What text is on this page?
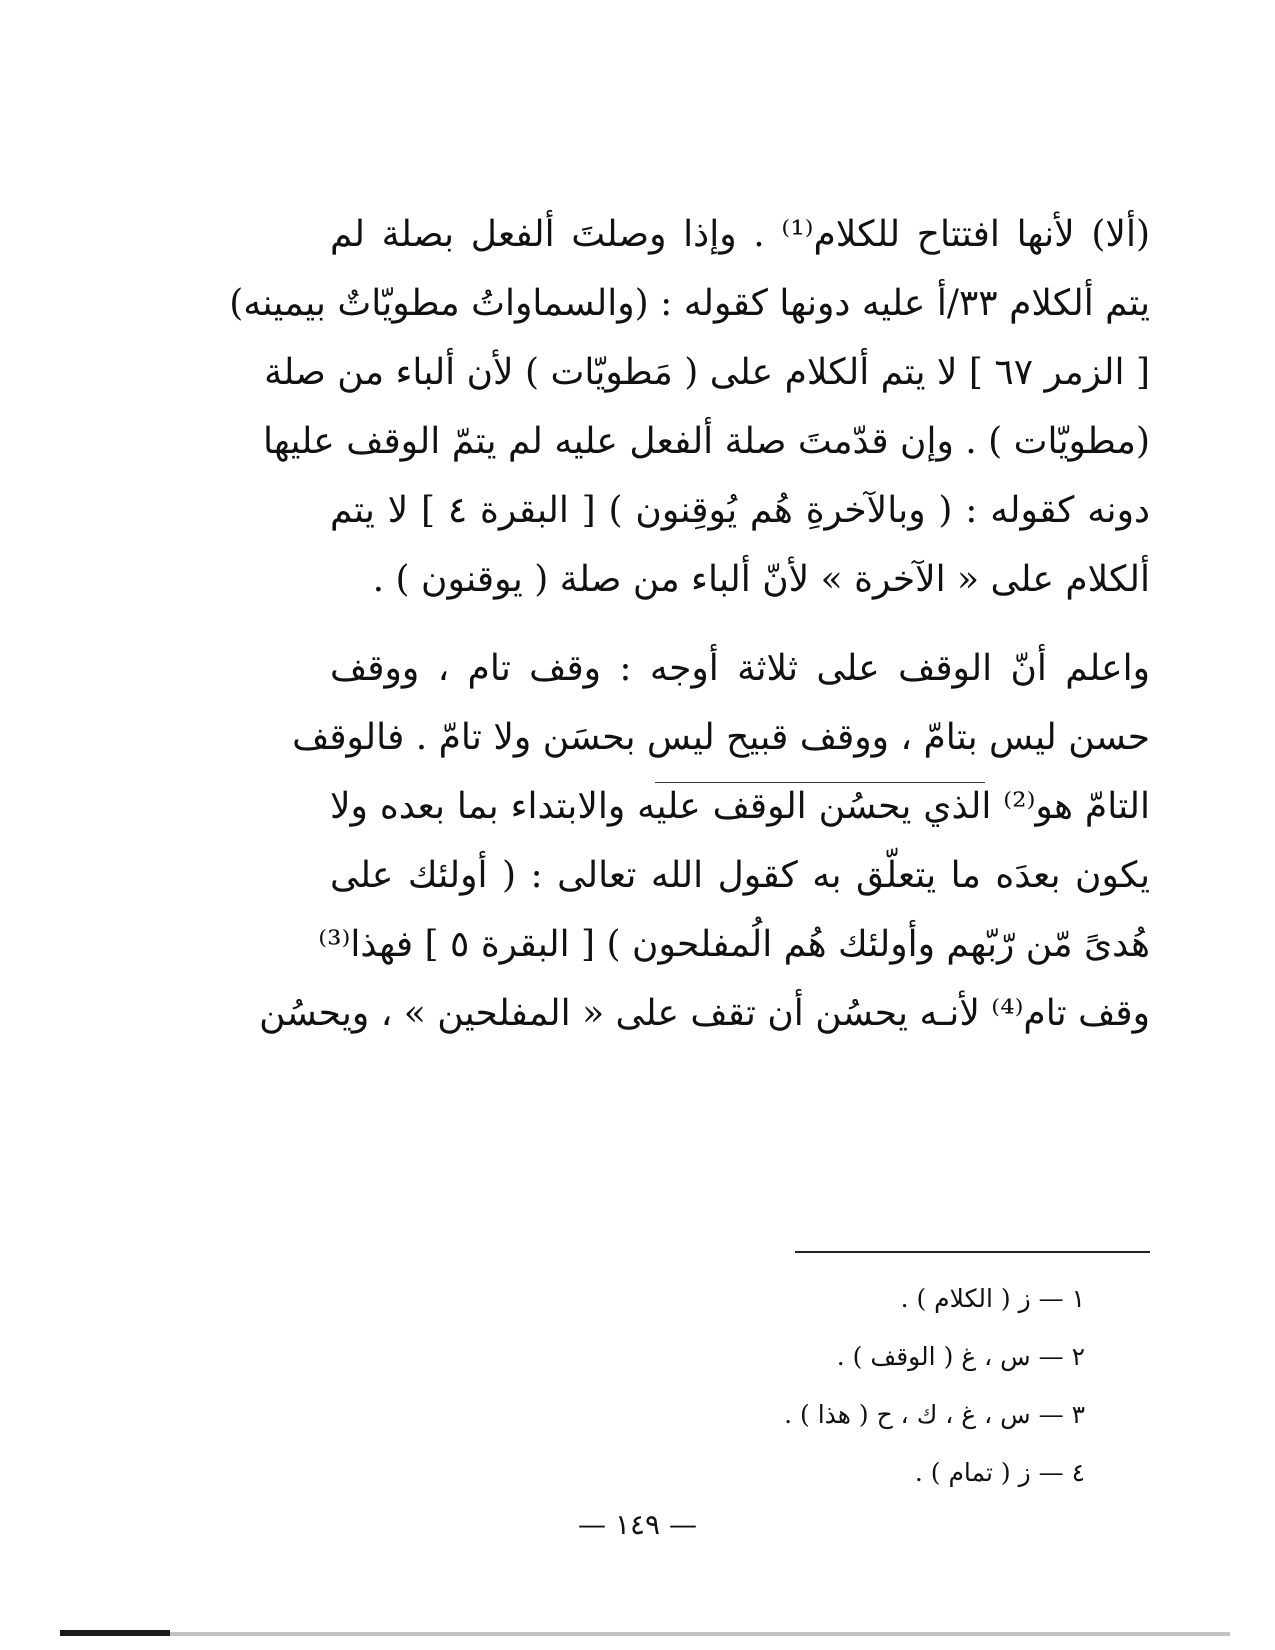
(ألا) لأنها افتتاح للكلام⁽¹⁾ . وإذا وصلتَ ألفعل بصلة لم
يتم ألكلام ٣٣/أ عليه دونها كقوله : (والسماواتُ مطويّاتٌ بيمينه)
[ الزمر ٦٧ ] لا يتم ألكلام على ( مَطويّات ) لأن ألباء من صلة
(مطويّات ) . وإن قدّمتَ صلة ألفعل عليه لم يتمّ الوقف عليها
دونه كقوله : ( وبالآخرةِ هُم يُوقِنون ) [ البقرة ٤ ] لا يتم
ألكلام على « الآخرة » لأنّ ألباء من صلة ( يوقنون ) .
واعلم أنّ الوقف على ثلاثة أوجه : وقف تام ، ووقف
حسن ليس بتامّ ، ووقف قبيح ليس بحسَن ولا تامّ . فالوقف
التامّ هو⁽²⁾ الذي يحسُن الوقف عليه والابتداء بما بعده ولا
يكون بعدَه ما يتعلّق به كقول الله تعالى : ( أولئك على
هُدىً مّن رّبّهم وأولئك هُم الُمفلحون ) [ البقرة ٥ ] فهذا⁽³⁾
وقف تام⁽⁴⁾ لأنـه يحسُن أن تقف على « المفلحين » ، ويحسُن
١ — ز ( الكلام ) .
٢ — س ، غ ( الوقف ) .
٣ — س ، غ ، ك ، ح ( هذا ) .
٤ — ز ( تمام ) .
— ١٤٩ —
